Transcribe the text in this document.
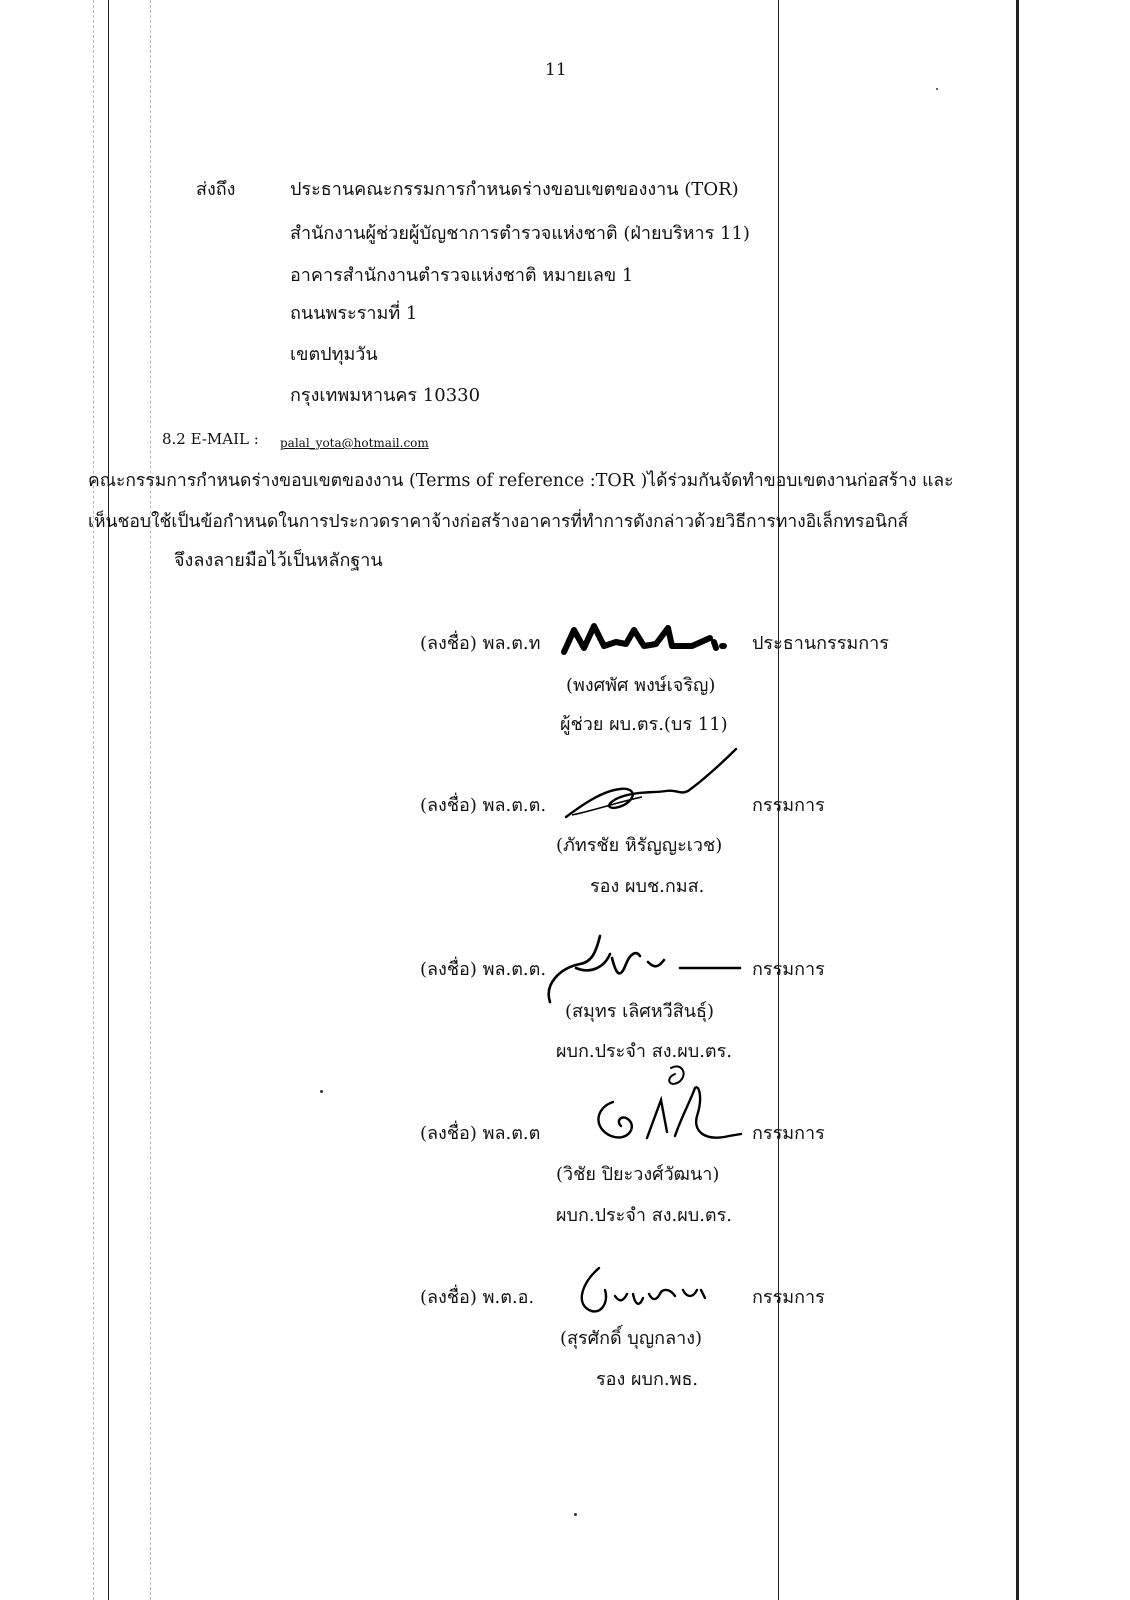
11
ส่งถึง	ประธานคณะกรรมการกำหนดร่างขอบเขตของงาน (TOR)
สำนักงานผู้ช่วยผู้บัญชาการตำรวจแห่งชาติ (ฝ่ายบริหาร 11)
อาคารสำนักงานตำรวจแห่งชาติ หมายเลข 1
ถนนพระรามที่ 1
เขตปทุมวัน
กรุงเทพมหานคร 10330
8.2 E-MAIL : palal_yota@hotmail.com
คณะกรรมการกำหนดร่างขอบเขตของงาน (Terms of reference :TOR )ได้ร่วมกันจัดทำขอบเขตงานก่อสร้าง และ
เห็นชอบใช้เป็นข้อกำหนดในการประกวดราคาจ้างก่อสร้างอาคารที่ทำการดังกล่าวด้วยวิธีการทางอิเล็กทรอนิกส์
จึงลงลายมือไว้เป็นหลักฐาน
(ลงชื่อ) พล.ต.ท	ประธานกรรมการ
(พงศพัศ พงษ์เจริญ)
ผู้ช่วย ผบ.ตร.(บร 11)
(ลงชื่อ) พล.ต.ต.	กรรมการ
(ภัทรชัย หิรัญญะเวช)
รอง ผบช.กมส.
(ลงชื่อ) พล.ต.ต.	กรรมการ
(สมุทร เลิศหวีสินธุ์)
ผบก.ประจำ สง.ผบ.ตร.
(ลงชื่อ) พล.ต.ต	กรรมการ
(วิชัย ปิยะวงศ์วัฒนา)
ผบก.ประจำ สง.ผบ.ตร.
(ลงชื่อ) พ.ต.อ.	กรรมการ
(สุรศักดิ์ บุญกลาง)
รอง ผบก.พธ.
